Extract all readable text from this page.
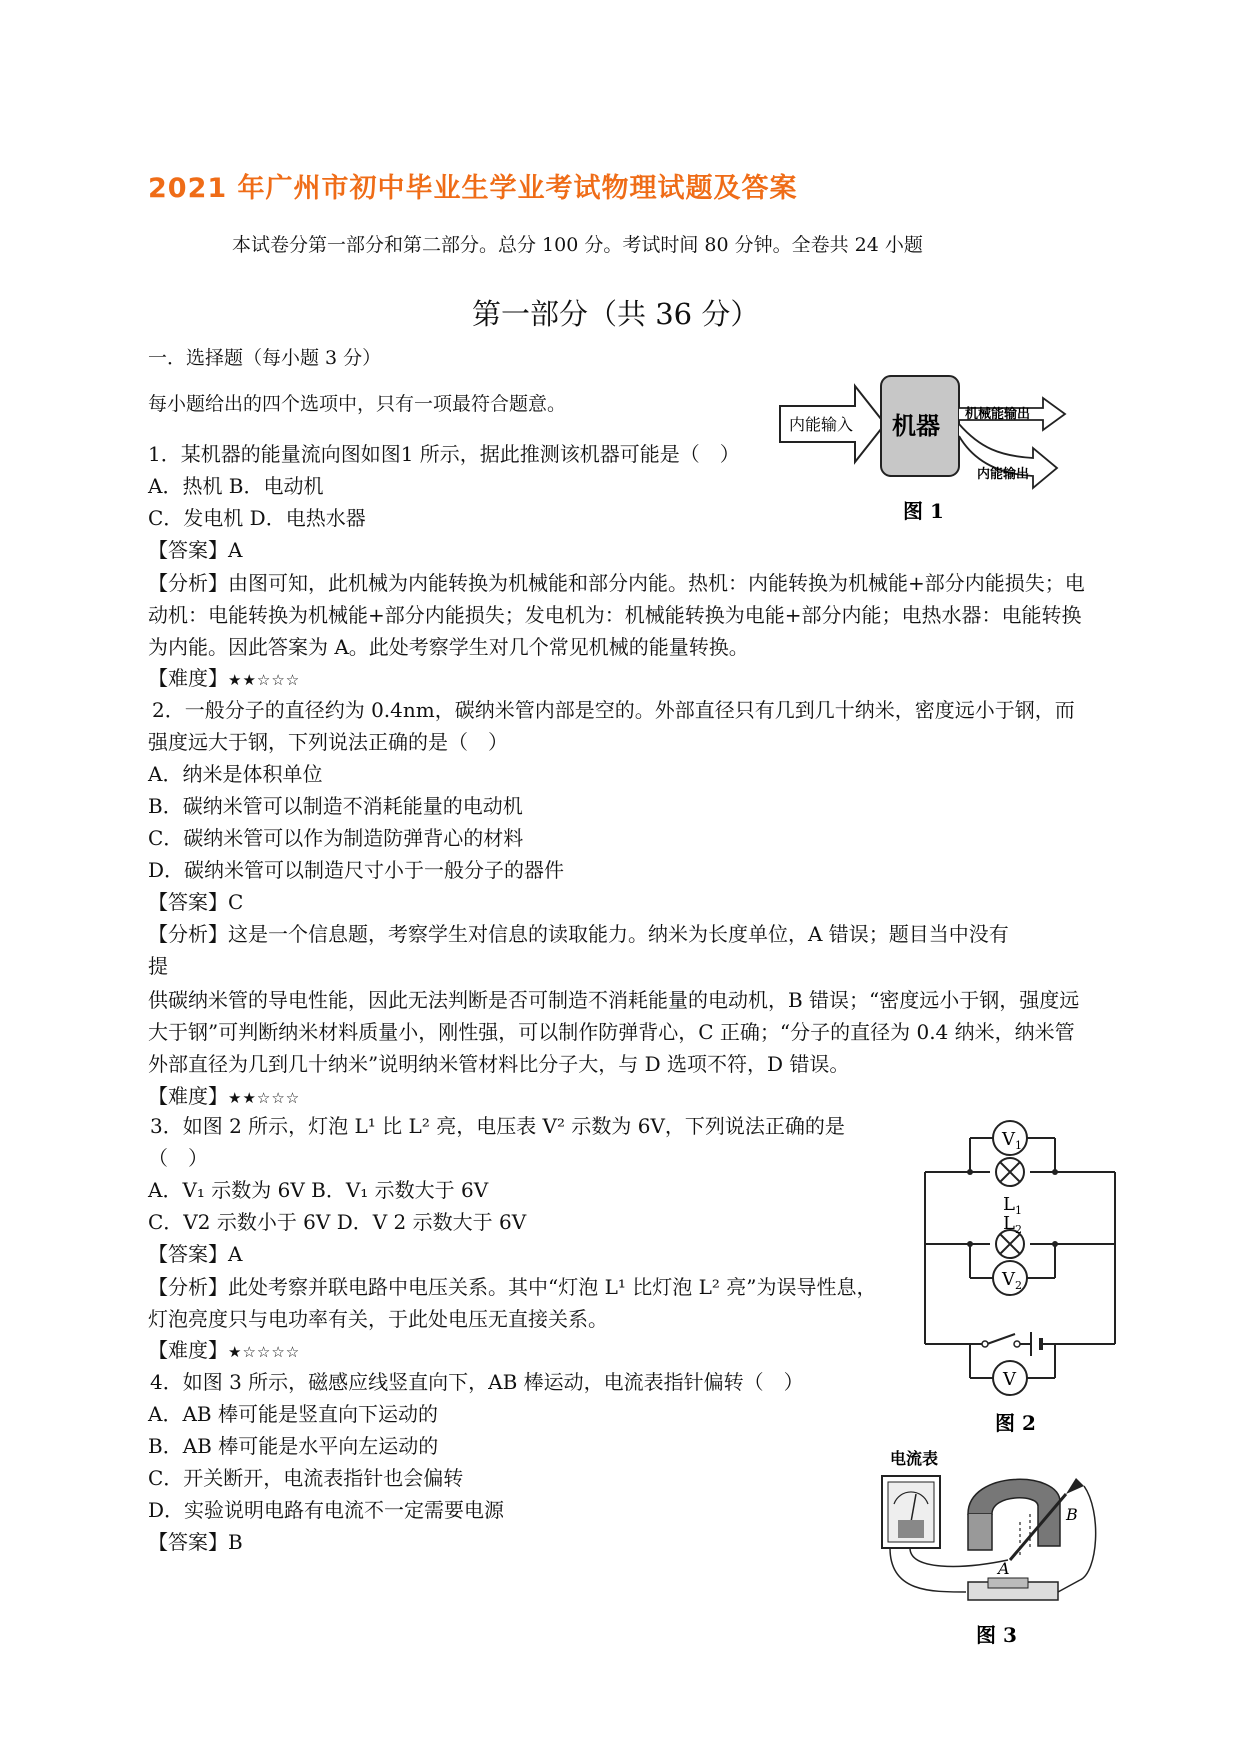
2021 年广州市初中毕业生学业考试物理试题及答案
本试卷分第一部分和第二部分。总分 100 分。考试时间 80 分钟。全卷共 24 小题
第一部分（共 36 分）
一．选择题（每小题 3 分）
每小题给出的四个选项中，只有一项最符合题意。
内能输入 机器 机械能输出
内能输出
图 1
1．某机器的能量流向图如图1 所示，据此推测该机器可能是（　）
A．热机 B．电动机
C．发电机 D．电热水器
【答案】A
【分析】由图可知，此机械为内能转换为机械能和部分内能。热机：内能转换为机械能+部分内能损失；电动机：电能转换为机械能+部分内能损失；发电机为：机械能转换为电能+部分内能；电热水器：电能转换为内能。因此答案为 A。此处考察学生对几个常见机械的能量转换。
【难度】★★☆☆☆
2．一般分子的直径约为 0.4nm，碳纳米管内部是空的。外部直径只有几到几十纳米，密度远小于钢，而强度远大于钢，下列说法正确的是（　）
A．纳米是体积单位
B．碳纳米管可以制造不消耗能量的电动机
C．碳纳米管可以作为制造防弹背心的材料
D．碳纳米管可以制造尺寸小于一般分子的器件
【答案】C
【分析】这是一个信息题，考察学生对信息的读取能力。纳米为长度单位，A 错误；题目当中没有
提
供碳纳米管的导电性能，因此无法判断是否可制造不消耗能量的电动机，B 错误；“密度远小于钢，强度远大于钢”可判断纳米材料质量小，刚性强，可以制作防弹背心，C 正确；“分子的直径为 0.4 纳米，纳米管外部直径为几到几十纳米”说明纳米管材料比分子大，与 D 选项不符，D 错误。
【难度】★★☆☆☆
$V_1$
$L_1$
$L_2$
$V_2$
V
图 2
3．如图 2 所示，灯泡 L¹ 比 L² 亮，电压表 V² 示数为 6V，下列说法正确的是
（　）
A．V₁ 示数为 6V B．V₁ 示数大于 6V
C．V2 示数小于 6V D．V 2 示数大于 6V
【答案】A
【分析】此处考察并联电路中电压关系。其中“灯泡 L¹ 比灯泡 L² 亮”为误导性息，灯泡亮度只与电功率有关，于此处电压无直接关系。
【难度】★☆☆☆☆
4．如图 3 所示，磁感应线竖直向下，AB 棒运动，电流表指针偏转（　）
A．AB 棒可能是竖直向下运动的
B．AB 棒可能是水平向左运动的
C．开关断开，电流表指针也会偏转
D．实验说明电路有电流不一定需要电源
【答案】B
电流表
A
B
图 3
